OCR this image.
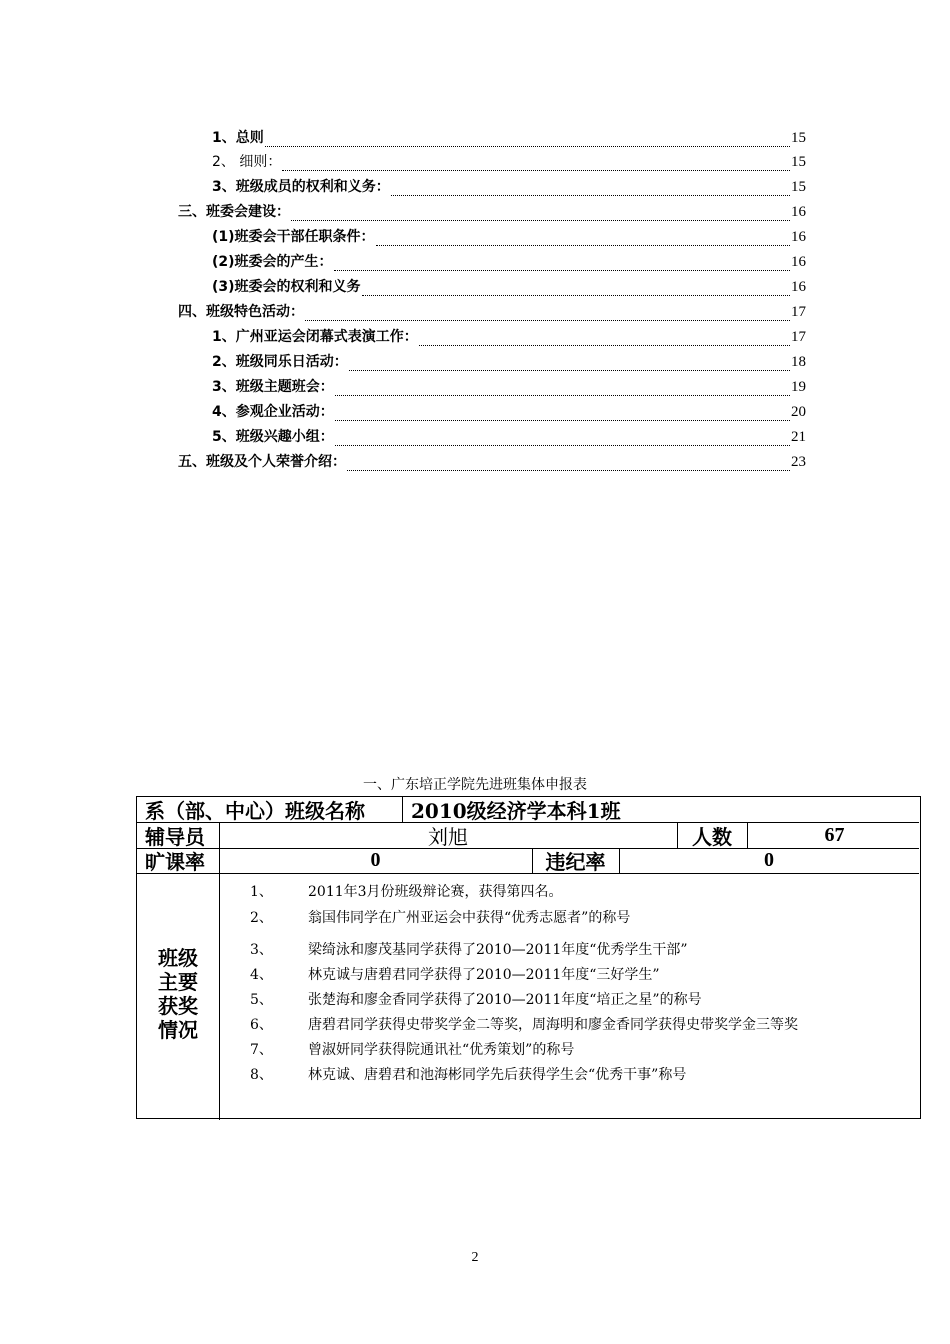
1、总则	15
2、 细则：	15
3、班级成员的权利和义务：	15
三、班委会建设：	16
(1)班委会干部任职条件：	16
(2)班委会的产生：	16
(3)班委会的权利和义务	16
四、班级特色活动：	17
1、广州亚运会闭幕式表演工作：	17
2、班级同乐日活动：	18
3、班级主题班会：	19
4、参观企业活动：	20
5、班级兴趣小组：	21
五、班级及个人荣誉介绍：	23
一、广东培正学院先进班集体申报表
系（部、中心）班级名称 2010级经济学本科1班
辅导员	刘旭	人数	67
旷课率	0	违纪率	0
班级
主要
获奖
情况
1、	2011年3月份班级辩论赛，获得第四名。
2、	翁国伟同学在广州亚运会中获得“优秀志愿者”的称号
3、	梁绮泳和廖茂基同学获得了2010—2011年度“优秀学生干部”
4、	林克诚与唐碧君同学获得了2010—2011年度“三好学生”
5、	张楚海和廖金香同学获得了2010—2011年度“培正之星”的称号
6、	唐碧君同学获得史带奖学金二等奖，周海明和廖金香同学获得史带奖学金三等奖
7、	曾淑妍同学获得院通讯社“优秀策划”的称号
8、	林克诚、唐碧君和池海彬同学先后获得学生会“优秀干事”称号
2
